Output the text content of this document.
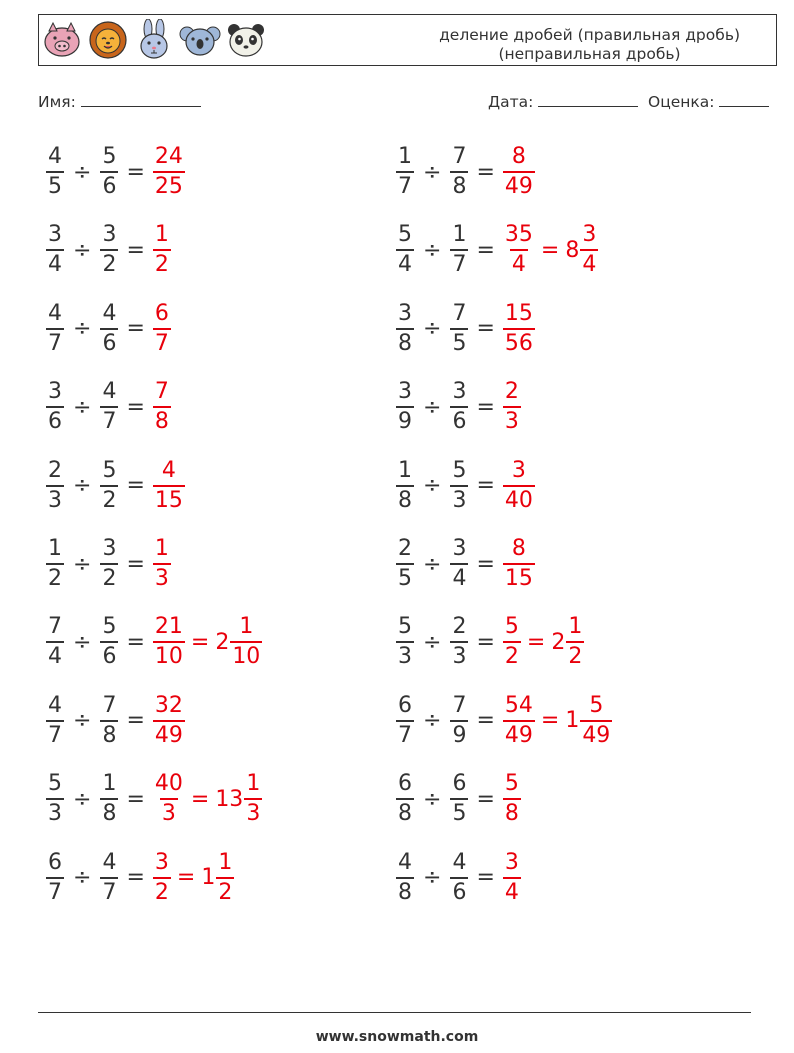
деление дробей (правильная дробь)
(неправильная дробь)
Имя:	Дата:	Оценка:
$\frac{4}{5} \div \frac{5}{6} = \frac{24}{25}$	$\frac{1}{7} \div \frac{7}{8} = \frac{8}{49}$
$\frac{3}{4} \div \frac{3}{2} = \frac{1}{2}$	$\frac{5}{4} \div \frac{1}{7} = \frac{35}{4} = 8 \frac{3}{4}$
$\frac{4}{7} \div \frac{4}{6} = \frac{6}{7}$	$\frac{3}{8} \div \frac{7}{5} = \frac{15}{56}$
$\frac{3}{6} \div \frac{4}{7} = \frac{7}{8}$	$\frac{3}{9} \div \frac{3}{6} = \frac{2}{3}$
$\frac{2}{3} \div \frac{5}{2} = \frac{4}{15}$	$\frac{1}{8} \div \frac{5}{3} = \frac{3}{40}$
$\frac{1}{2} \div \frac{3}{2} = \frac{1}{3}$	$\frac{2}{5} \div \frac{3}{4} = \frac{8}{15}$
$\frac{7}{4} \div \frac{5}{6} = \frac{21}{10} = 2 \frac{1}{10}$	$\frac{5}{3} \div \frac{2}{3} = \frac{5}{2} = 2 \frac{1}{2}$
$\frac{4}{7} \div \frac{7}{8} = \frac{32}{49}$	$\frac{6}{7} \div \frac{7}{9} = \frac{54}{49} = 1 \frac{5}{49}$
$\frac{5}{3} \div \frac{1}{8} = \frac{40}{3} = 13 \frac{1}{3}$	$\frac{6}{8} \div \frac{6}{5} = \frac{5}{8}$
$\frac{6}{7} \div \frac{4}{7} = \frac{3}{2} = 1 \frac{1}{2}$	$\frac{4}{8} \div \frac{4}{6} = \frac{3}{4}$
www.snowmath.com
